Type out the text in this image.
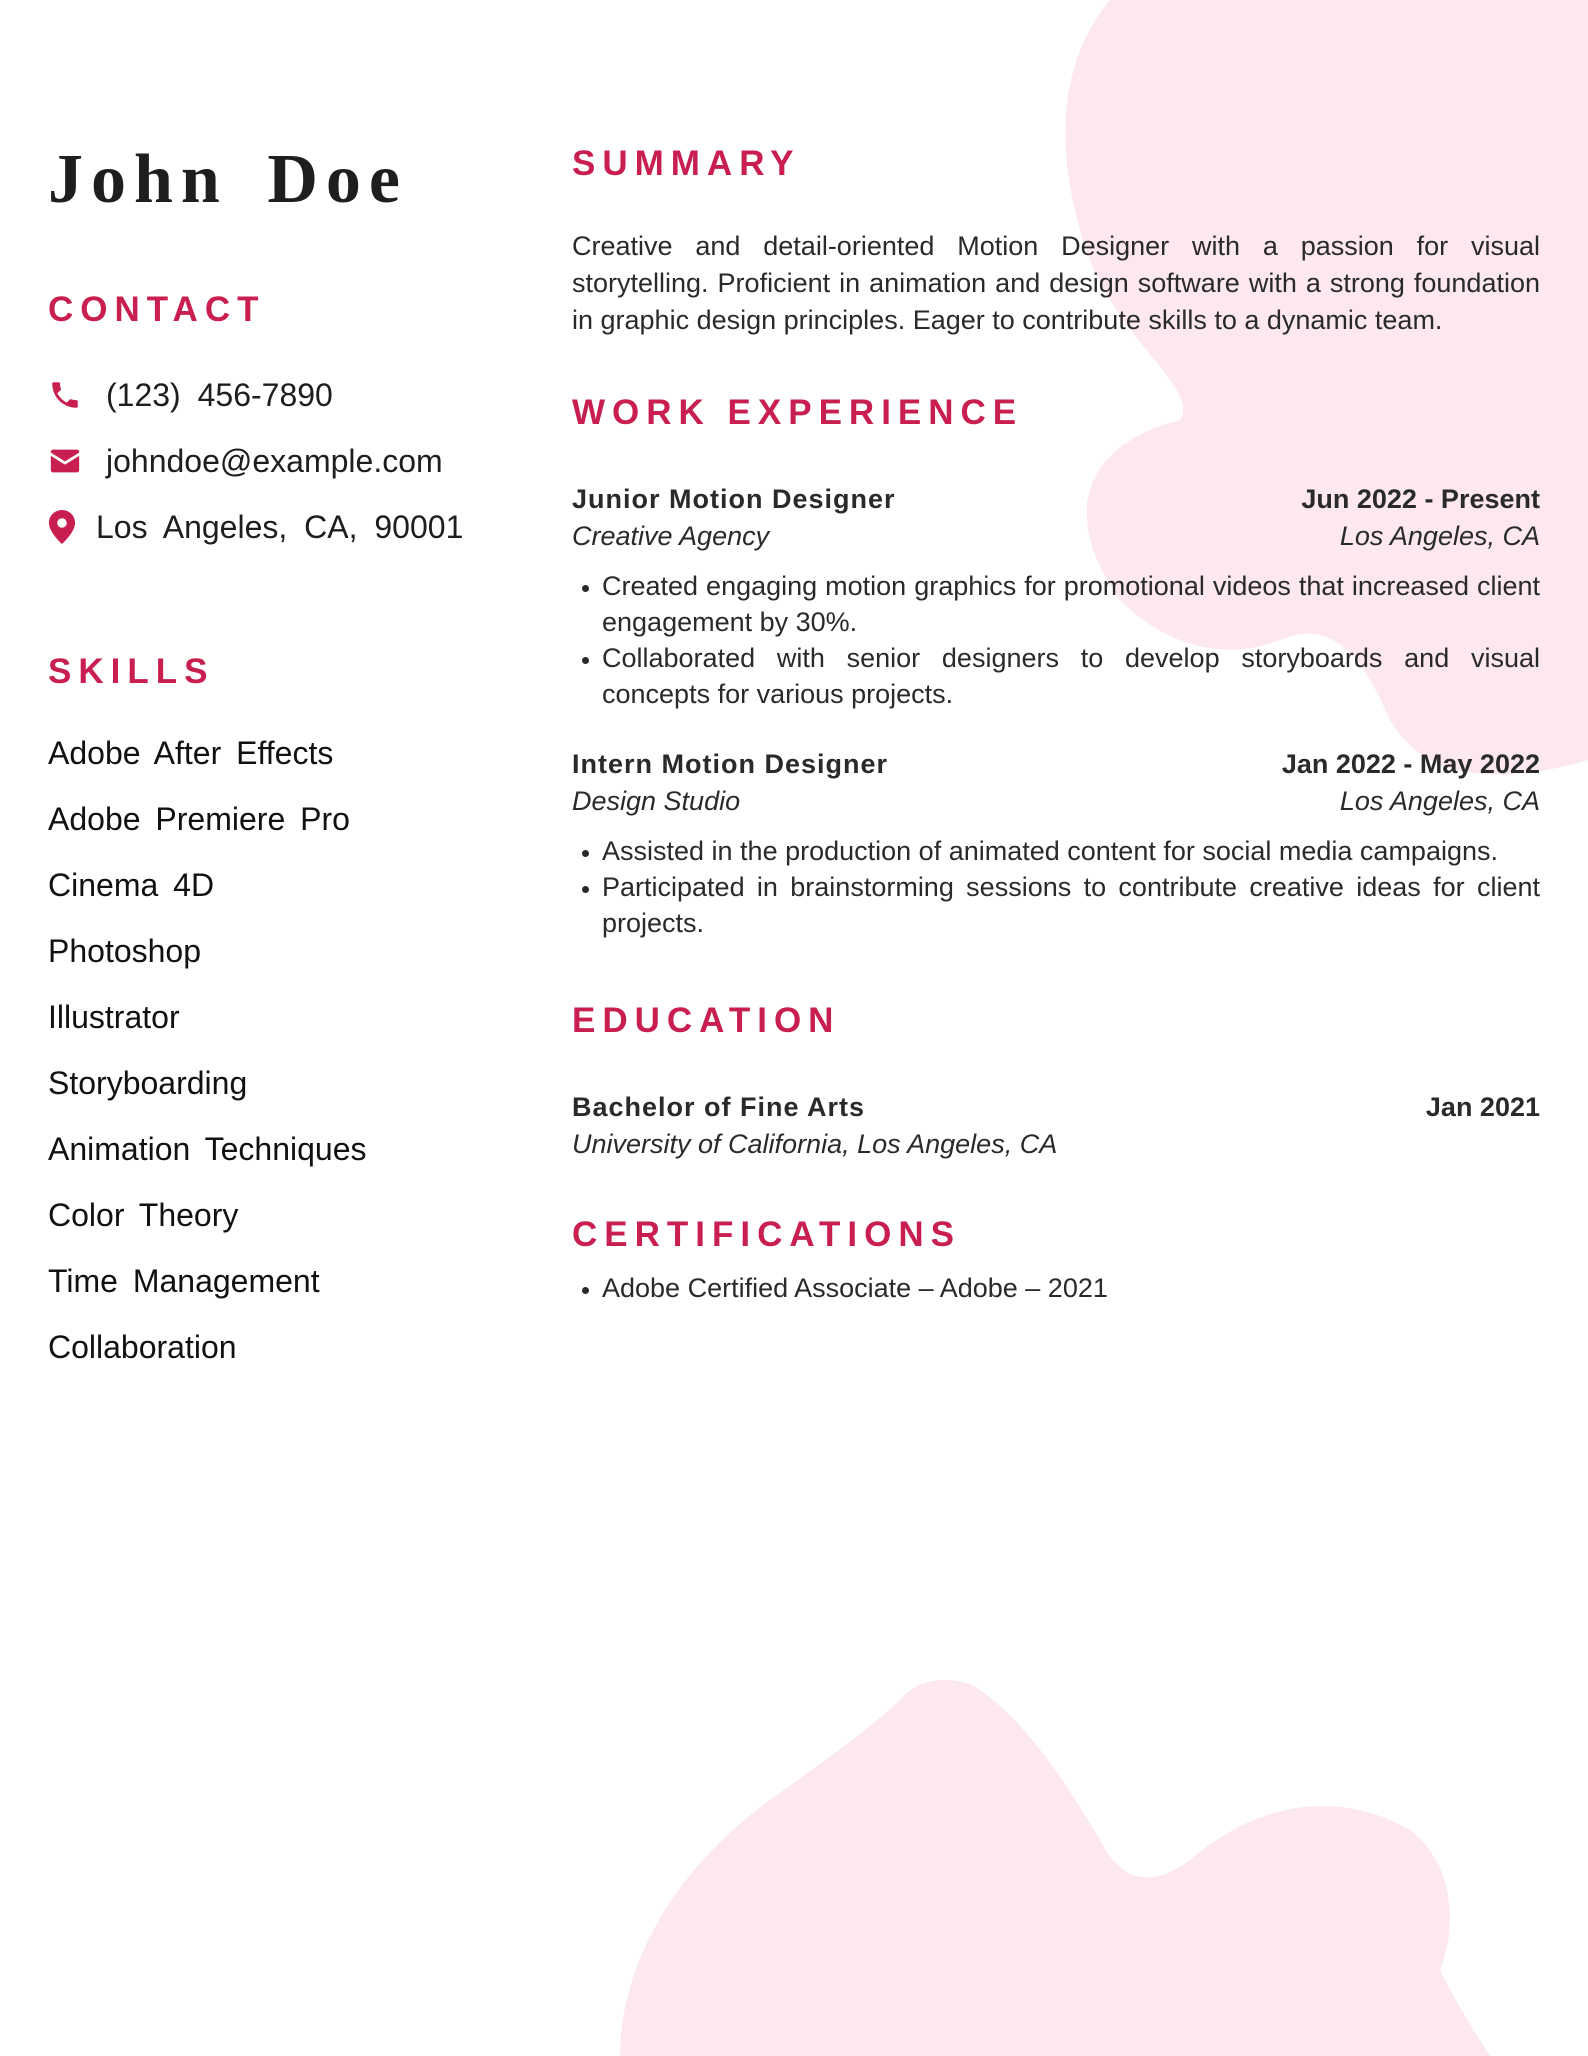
John Doe
CONTACT
(123) 456-7890
johndoe@example.com
Los Angeles, CA, 90001
SKILLS
Adobe After Effects
Adobe Premiere Pro
Cinema 4D
Photoshop
Illustrator
Storyboarding
Animation Techniques
Color Theory
Time Management
Collaboration
SUMMARY

Creative and detail-oriented Motion Designer with a passion for visual storytelling. Proficient in animation and design software with a strong foundation in graphic design principles. Eager to contribute skills to a dynamic team.

WORK EXPERIENCE
Junior Motion Designer	Jun 2022 - Present
Creative Agency	Los Angeles, CA
• Created engaging motion graphics for promotional videos that increased client engagement by 30%.
• Collaborated with senior designers to develop storyboards and visual concepts for various projects.
Intern Motion Designer	Jan 2022 - May 2022
Design Studio	Los Angeles, CA
• Assisted in the production of animated content for social media campaigns.
• Participated in brainstorming sessions to contribute creative ideas for client projects.
EDUCATION
Bachelor of Fine Arts	Jan 2021
University of California, Los Angeles, CA
CERTIFICATIONS
• Adobe Certified Associate – Adobe – 2021
